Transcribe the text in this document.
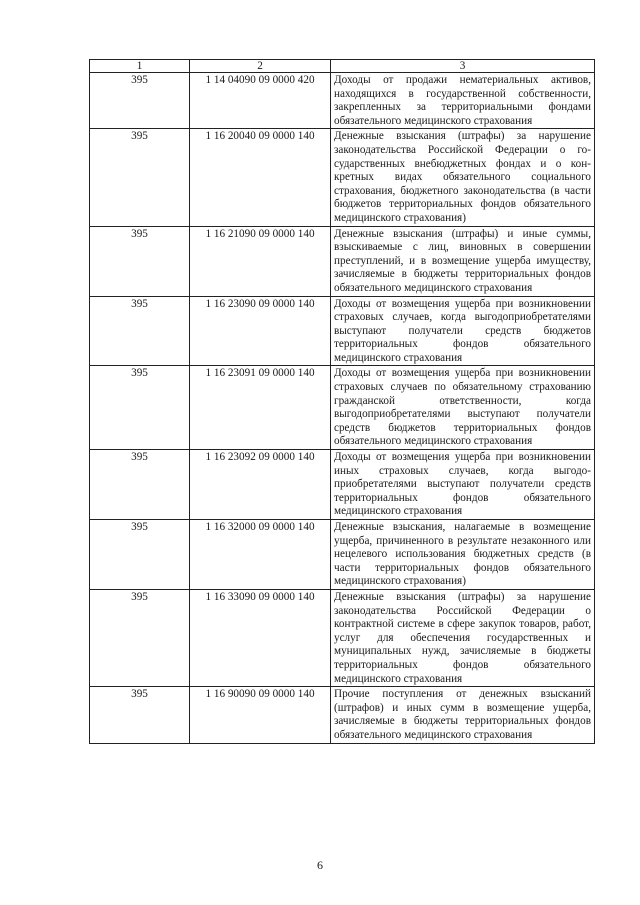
1	2	3
395	1 14 04090 09 0000 420	Доходы от продажи нематериальных активов, находящихся в государственной собственности, закрепленных за территориальными фондами обязательного медицинского страхования
395	1 16 20040 09 0000 140	Денежные взыскания (штрафы) за нарушение законодательства Российской Федерации о государственных внебюджетных фондах и о конкретных видах обязательного социального страхования, бюджетного законодательства (в части бюджетов территориальных фондов обязательного медицинского страхования)
395	1 16 21090 09 0000 140	Денежные взыскания (штрафы) и иные суммы, взыскиваемые с лиц, виновных в совершении преступлений, и в возмещение ущерба имуществу, зачисляемые в бюджеты территориальных фондов обязательного медицинского страхования
395	1 16 23090 09 0000 140	Доходы от возмещения ущерба при возникновении страховых случаев, когда выгодоприобретателями выступают получатели средств бюджетов территориальных фондов обязательного медицинского страхования
395	1 16 23091 09 0000 140	Доходы от возмещения ущерба при возникновении страховых случаев по обязательному страхованию гражданской ответственности, когда выгодоприобретателями выступают получатели средств бюджетов территориальных фондов обязательного медицинского страхования
395	1 16 23092 09 0000 140	Доходы от возмещения ущерба при возникновении иных страховых случаев, когда выгодоприобретателями выступают получатели средств территориальных фондов обязательного медицинского страхования
395	1 16 32000 09 0000 140	Денежные взыскания, налагаемые в возмещение ущерба, причиненного в результате незаконного или нецелевого использования бюджетных средств (в части территориальных фондов обязательного медицинского страхования)
395	1 16 33090 09 0000 140	Денежные взыскания (штрафы) за нарушение законодательства Российской Федерации о контрактной системе в сфере закупок товаров, работ, услуг для обеспечения государственных и муниципальных нужд, зачисляемые в бюджеты территориальных фондов обязательного медицинского страхования
395	1 16 90090 09 0000 140	Прочие поступления от денежных взысканий (штрафов) и иных сумм в возмещение ущерба, зачисляемые в бюджеты территориальных фондов обязательного медицинского страхования
6
